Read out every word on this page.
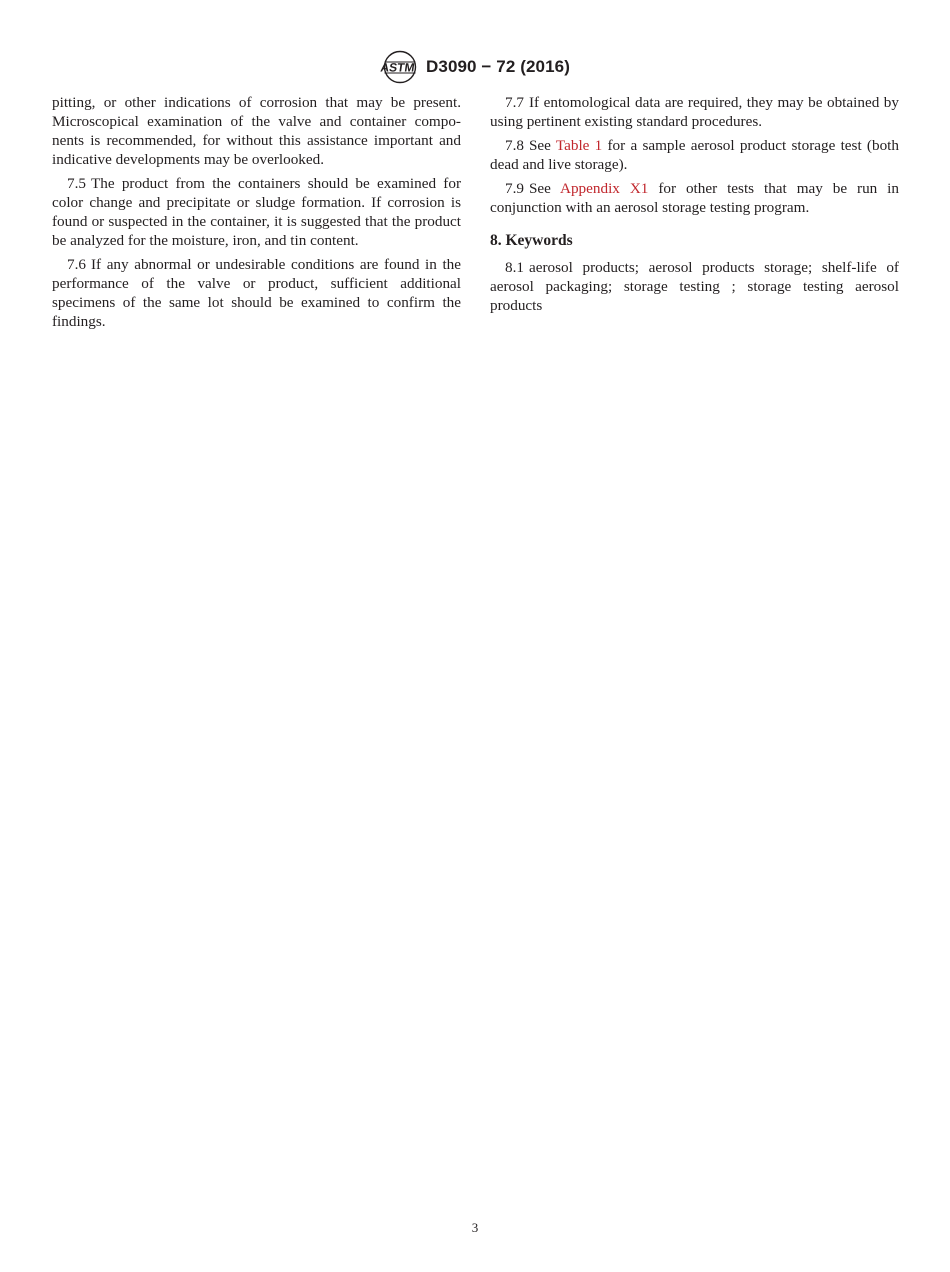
ASTM D3090 − 72 (2016)

pitting, or other indications of corrosion that may be present. Microscopical examination of the valve and container compo-nents is recommended, for without this assistance important and indicative developments may be overlooked.

7.5 The product from the containers should be examined for color change and precipitate or sludge formation. If corrosion is found or suspected in the container, it is suggested that the product be analyzed for the moisture, iron, and tin content.

7.6 If any abnormal or undesirable conditions are found in the performance of the valve or product, sufficient additional specimens of the same lot should be examined to confirm the findings.

7.7 If entomological data are required, they may be obtained by using pertinent existing standard procedures.

7.8 See Table 1 for a sample aerosol product storage test (both dead and live storage).

7.9 See Appendix X1 for other tests that may be run in conjunction with an aerosol storage testing program.

8. Keywords

8.1 aerosol products; aerosol products storage; shelf-life of aerosol packaging; storage testing ; storage testing aerosol products

3
